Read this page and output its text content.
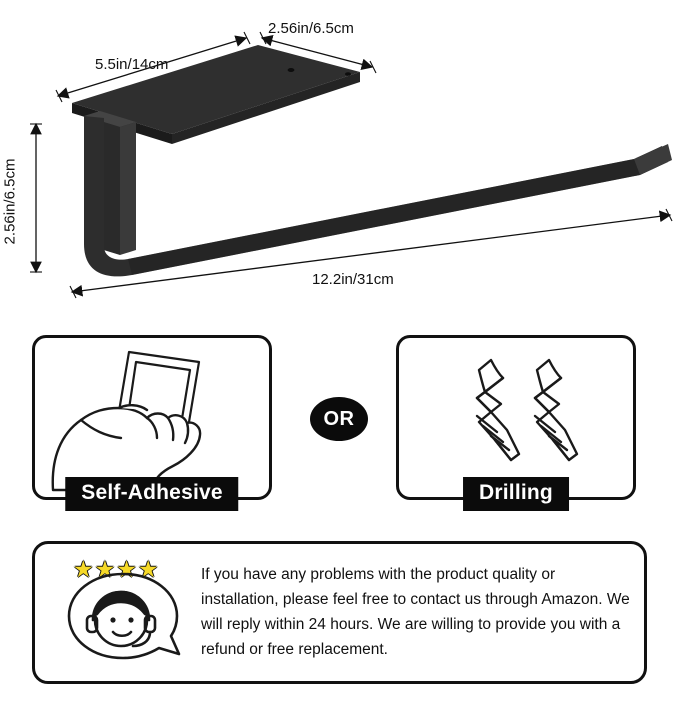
5.5in/14cm
2.56in/6.5cm
2.56in/6.5cm
12.2in/31cm
Self-Adhesive
OR
Drilling
★ ★ ★ ★	If you have any problems with the product quality or installation, please feel free to contact us through Amazon. We will reply within 24 hours. We are willing to provide you with a refund or free replacement.
